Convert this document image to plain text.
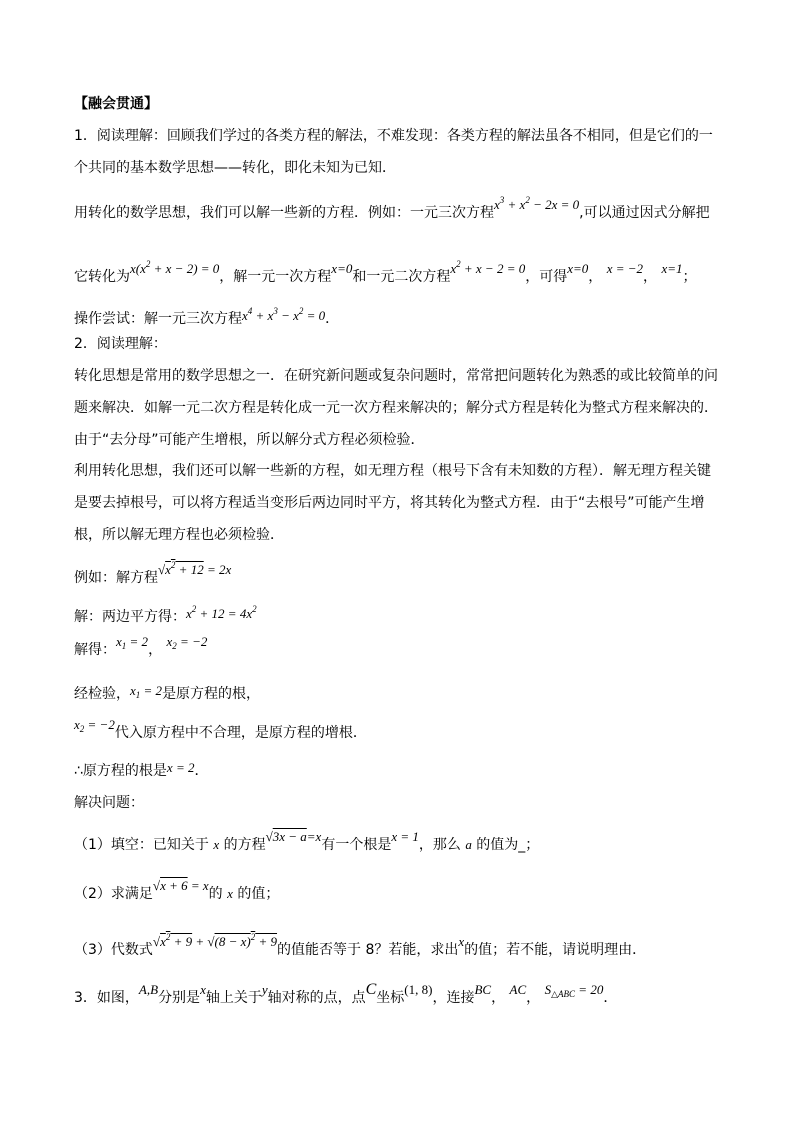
【融会贯通】
1．阅读理解：回顾我们学过的各类方程的解法，不难发现：各类方程的解法虽各不相同，但是它们的一
个共同的基本数学思想——转化，即化未知为已知．
用转化的数学思想，我们可以解一些新的方程．例如：一元三次方程$x^3 + x^2 - 2x = 0$,可以通过因式分解把
它转化为$x(x^2 + x - 2) = 0$，解一元一次方程x=0和一元二次方程$x^2 + x - 2 = 0$，可得x=0， x = −2， x=1；
操作尝试：解一元三次方程$x^4 + x^3 - x^2 = 0$．
2．阅读理解：
转化思想是常用的数学思想之一．在研究新问题或复杂问题时，常常把问题转化为熟悉的或比较简单的问
题来解决．如解一元二次方程是转化成一元一次方程来解决的；解分式方程是转化为整式方程来解决的．
由于“去分母”可能产生增根，所以解分式方程必须检验．
利用转化思想，我们还可以解一些新的方程，如无理方程（根号下含有未知数的方程）．解无理方程关键
是要去掉根号，可以将方程适当变形后两边同时平方，将其转化为整式方程．由于“去根号”可能产生增
根，所以解无理方程也必须检验．
例如：解方程$√x^2 + 12 = 2x$
解：两边平方得：$x^2 + 12 = 4x^2$
解得：$x_1 = 2$， $x_2 = -2$
经检验，$x_1 = 2$是原方程的根，
$x_2 = -2$代入原方程中不合理，是原方程的增根．
∴原方程的根是x = 2．
解决问题：
（1）填空：已知关于 x 的方程√3x − a=x有一个根是x = 1，那么 a 的值为_；
（2）求满足√x + 6 = x的 x 的值；
（3）代数式$√x^2 + 9 + √(8 - x)^2 + 9$的值能否等于 8？若能，求出x的值；若不能，请说明理由．
3．如图，A,B分别是x轴上关于y轴对称的点，点C坐标(1, 8)，连接BC， AC， $S_{\triangle ABC} = 20$．
